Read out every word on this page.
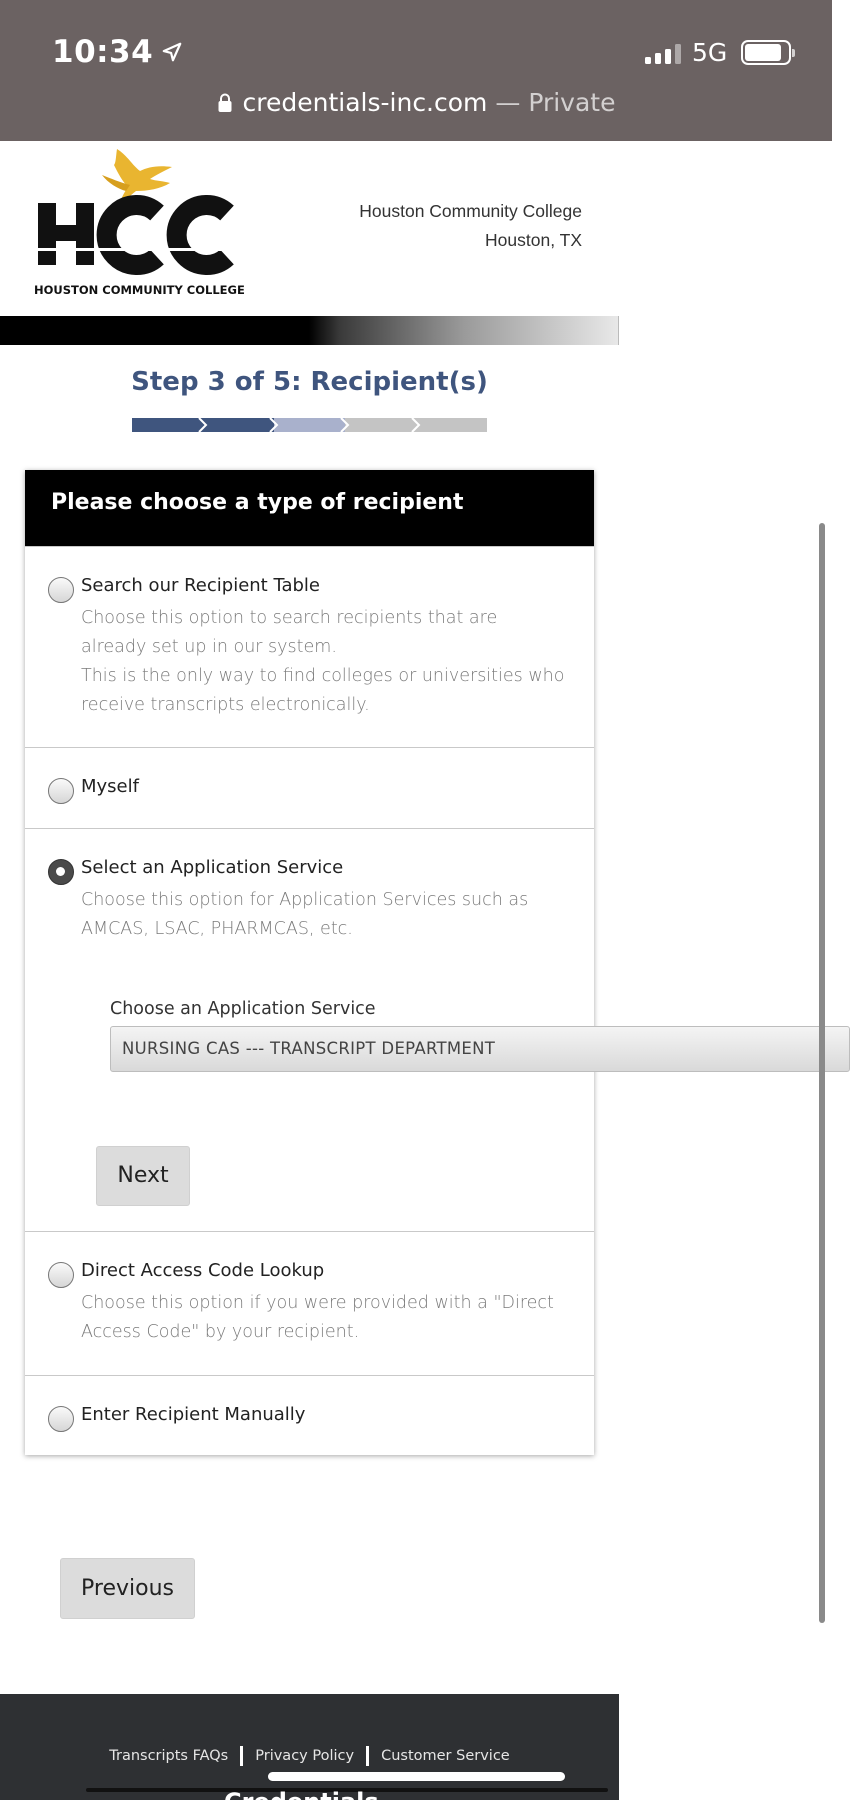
10:34	5G
credentials-inc.com — Private
HOUSTON COMMUNITY COLLEGE
Houston Community College
Houston, TX
Step 3 of 5: Recipient(s)
Please choose a type of recipient
Search our Recipient Table
Choose this option to search recipients that are already set up in our system.
This is the only way to find colleges or universities who receive transcripts electronically.
Myself
Select an Application Service
Choose this option for Application Services such as AMCAS, LSAC, PHARMCAS, etc.
Choose an Application Service
NURSING CAS --- TRANSCRIPT DEPARTMENT
Next
Direct Access Code Lookup
Choose this option if you were provided with a "Direct Access Code" by your recipient.
Enter Recipient Manually
Previous
Transcripts FAQs Privacy Policy Customer Service
Credentials
